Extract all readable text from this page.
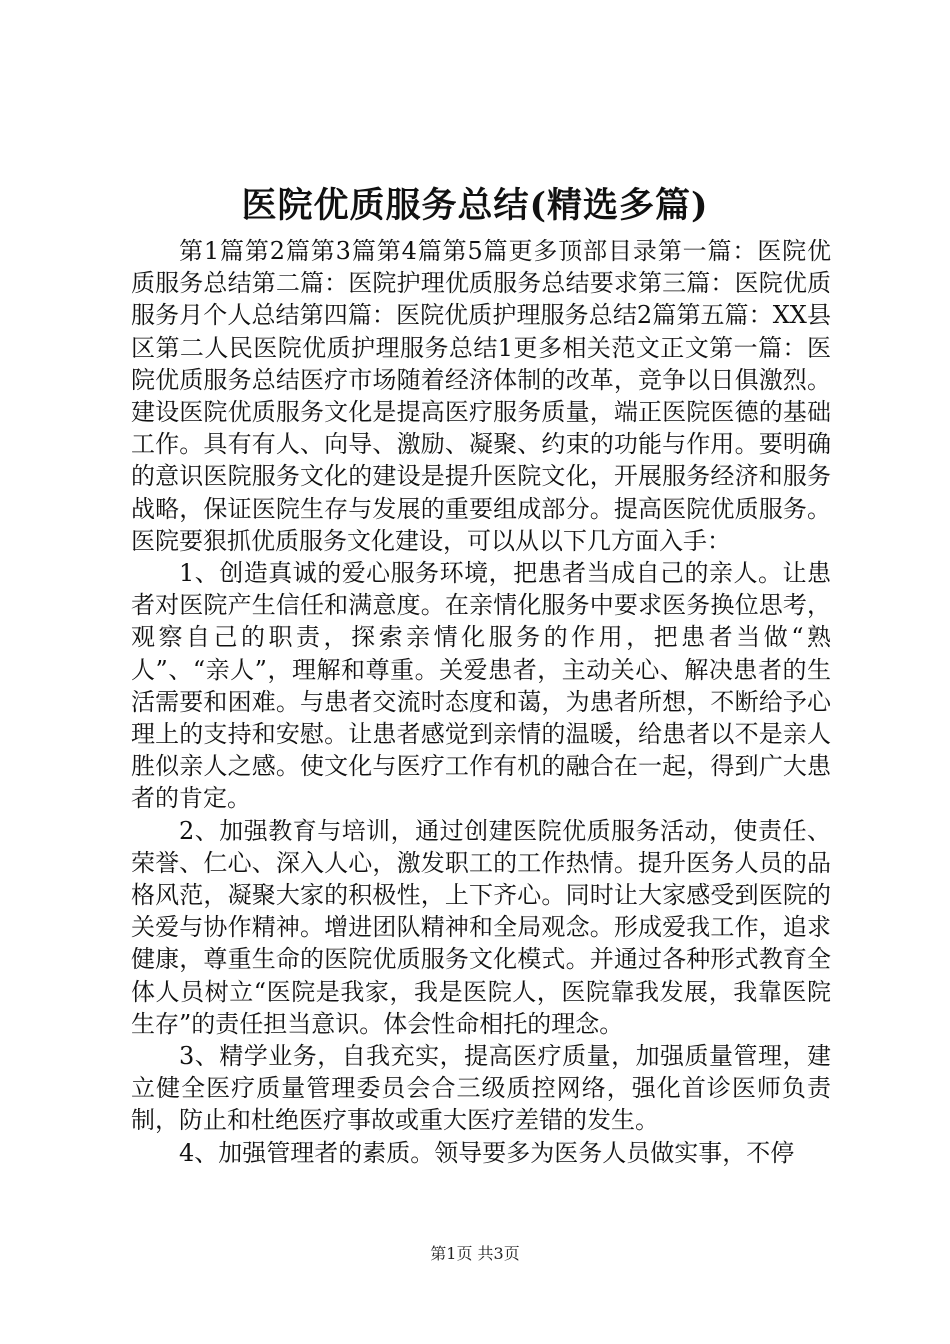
医院优质服务总结(精选多篇)

第1篇第2篇第3篇第4篇第5篇更多顶部目录第一篇：医院优质服务总结第二篇：医院护理优质服务总结要求第三篇：医院优质服务月个人总结第四篇：医院优质护理服务总结2篇第五篇：XX县区第二人民医院优质护理服务总结1更多相关范文正文第一篇：医院优质服务总结医疗市场随着经济体制的改革，竞争以日俱激烈。建设医院优质服务文化是提高医疗服务质量，端正医院医德的基础工作。具有有人、向导、激励、凝聚、约束的功能与作用。要明确的意识医院服务文化的建设是提升医院文化，开展服务经济和服务战略，保证医院生存与发展的重要组成部分。提高医院优质服务。医院要狠抓优质服务文化建设，可以从以下几方面入手：

1、创造真诚的爱心服务环境，把患者当成自己的亲人。让患者对医院产生信任和满意度。在亲情化服务中要求医务换位思考，观察自己的职责，探索亲情化服务的作用，把患者当做“熟人”、“亲人”，理解和尊重。关爱患者，主动关心、解决患者的生活需要和困难。与患者交流时态度和蔼，为患者所想，不断给予心理上的支持和安慰。让患者感觉到亲情的温暖，给患者以不是亲人胜似亲人之感。使文化与医疗工作有机的融合在一起，得到广大患者的肯定。

2、加强教育与培训，通过创建医院优质服务活动，使责任、荣誉、仁心、深入人心，激发职工的工作热情。提升医务人员的品格风范，凝聚大家的积极性，上下齐心。同时让大家感受到医院的关爱与协作精神。增进团队精神和全局观念。形成爱我工作，追求健康，尊重生命的医院优质服务文化模式。并通过各种形式教育全体人员树立“医院是我家，我是医院人，医院靠我发展，我靠医院生存”的责任担当意识。体会性命相托的理念。

3、精学业务，自我充实，提高医疗质量，加强质量管理，建立健全医疗质量管理委员会合三级质控网络，强化首诊医师负责制，防止和杜绝医疗事故或重大医疗差错的发生。

4、加强管理者的素质。领导要多为医务人员做实事，不停

第1页 共3页
